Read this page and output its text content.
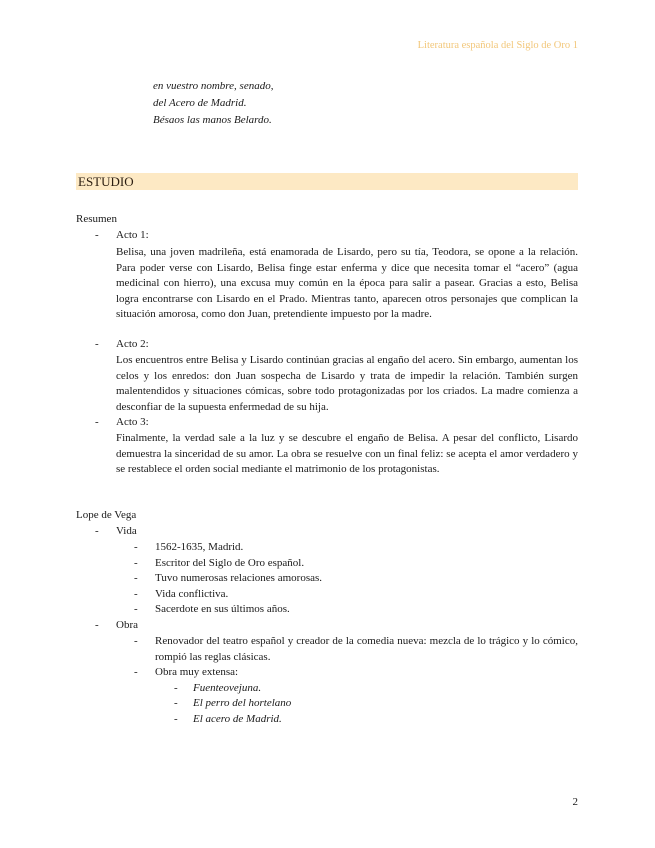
Literatura española del Siglo de Oro 1
en vuestro nombre, senado,
del Acero de Madrid.
Bésaos las manos Belardo.
ESTUDIO
Resumen
- Acto 1:
Belisa, una joven madrileña, está enamorada de Lisardo, pero su tía, Teodora, se opone a la relación. Para poder verse con Lisardo, Belisa finge estar enferma y dice que necesita tomar el “acero” (agua medicinal con hierro), una excusa muy común en la época para salir a pasear. Gracias a esto, Belisa logra encontrarse con Lisardo en el Prado. Mientras tanto, aparecen otros personajes que complican la situación amorosa, como don Juan, pretendiente impuesto por la madre.
- Acto 2:
Los encuentros entre Belisa y Lisardo continúan gracias al engaño del acero. Sin embargo, aumentan los celos y los enredos: don Juan sospecha de Lisardo y trata de impedir la relación. También surgen malentendidos y situaciones cómicas, sobre todo protagonizadas por los criados. La madre comienza a desconfiar de la supuesta enfermedad de su hija.
- Acto 3:
Finalmente, la verdad sale a la luz y se descubre el engaño de Belisa. A pesar del conflicto, Lisardo demuestra la sinceridad de su amor. La obra se resuelve con un final feliz: se acepta el amor verdadero y se restablece el orden social mediante el matrimonio de los protagonistas.
Lope de Vega
- Vida
- 1562-1635, Madrid.
- Escritor del Siglo de Oro español.
- Tuvo numerosas relaciones amorosas.
- Vida conflictiva.
- Sacerdote en sus últimos años.
- Obra
- Renovador del teatro español y creador de la comedia nueva: mezcla de lo trágico y lo cómico, rompió las reglas clásicas.
- Obra muy extensa:
- Fuenteovejuna.
- El perro del hortelano
- El acero de Madrid.
2
